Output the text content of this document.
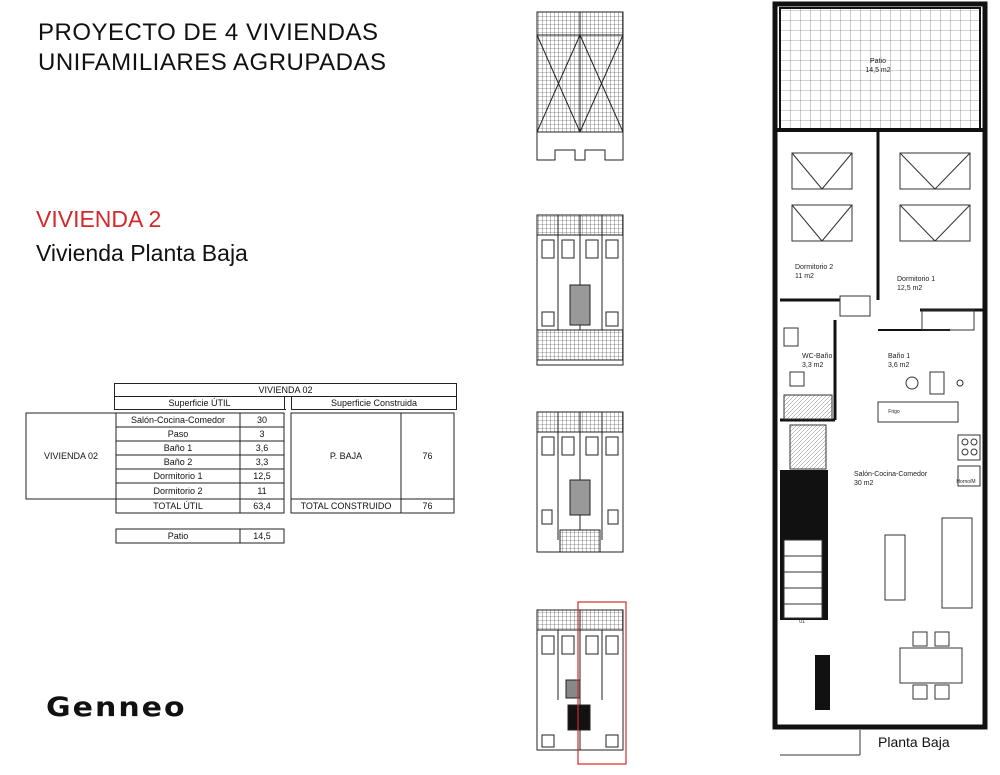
PROYECTO DE 4 VIVIENDAS
UNIFAMILIARES AGRUPADAS
VIVIENDA 2
Vivienda Planta Baja
	VIVIENDA 02		
	Superficie ÚTIL		Superficie Construida
Salón-Cocina-Comedor	30
Paso	3
Baño 1	3,6
Baño 2	3,3
Dormitorio 1	12,5
Dormitorio 2	11
TOTAL ÚTIL	63,4
VIVIENDA 02	P. BAJA	76
TOTAL CONSTRUIDO	76
Patio	14,5
Genneo
Patio
14,5 m2
Dormitorio 2
11 m2	Dormitorio 1
12,5 m2
WC-Baño
3,3 m2
Baño 1
3,6 m2
Salón-Cocina-Comedor
30 m2
Frigo
Horno/M
01
Planta Baja
